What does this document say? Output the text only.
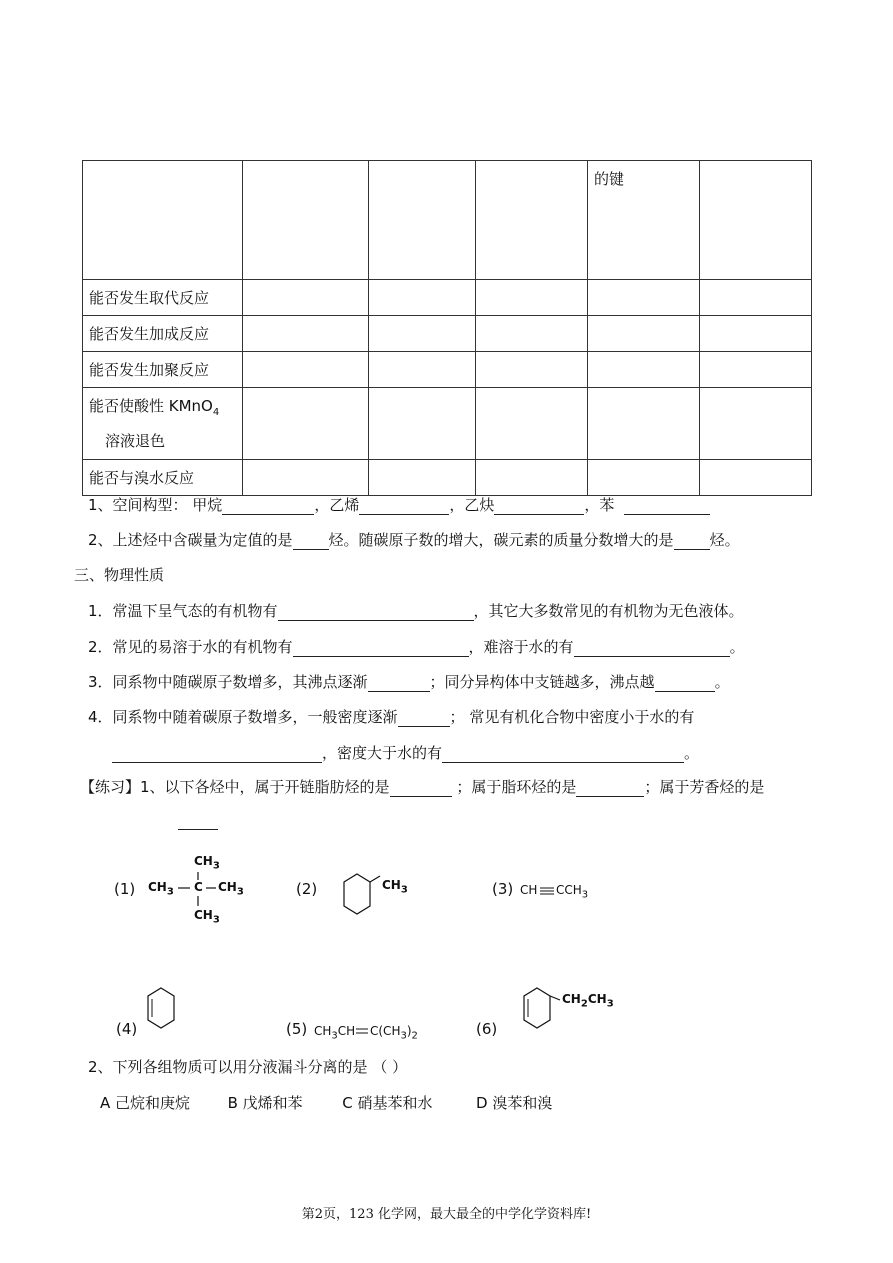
				的键	
能否发生取代反应					
能否发生加成反应					
能否发生加聚反应					
能否使酸性 KMnO$_4$
溶液退色					
能否与溴水反应					
1、空间构型： 甲烷	，乙烯	，乙炔	，苯
2、上述烃中含碳量为定值的是 烃。随碳原子数的增大，碳元素的质量分数增大的是 烃。
三、物理性质
1．常温下呈气态的有机物有	，其它大多数常见的有机物为无色液体。
2．常见的易溶于水的有机物有	，难溶于水的有	。
3．同系物中随碳原子数增多，其沸点逐渐	；同分异构体中支链越多，沸点越	。
4．同系物中随着碳原子数增多，一般密度逐渐	； 常见有机化合物中密度小于水的有
，密度大于水的有	。
【练习】1、以下各烃中，属于开链脂肪烃的是	；属于脂环烃的是	；属于芳香烃的是
(1)
$CH_3$
$CH_3$ C $CH_3$
$CH_3$
(2)	$CH_3$	(3) CH $CCH_3$
(4)	(5) $CH_3CH$ $C(CH_3)_2$	(6)
$CH_2CH_3$
2、下列各组物质可以用分液漏斗分离的是 （ ）
A 己烷和庚烷	B 戊烯和苯	C 硝基苯和水	D 溴苯和溴
第2页，123 化学网，最大最全的中学化学资料库!
